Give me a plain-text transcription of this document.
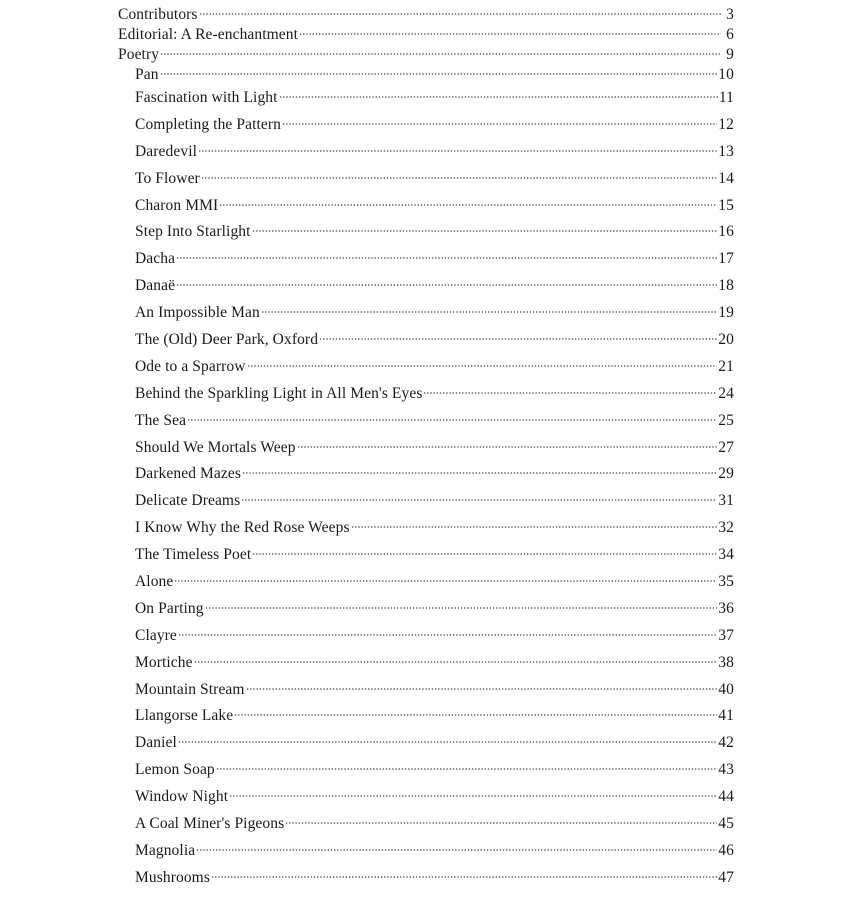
Contributors	3
Editorial: A Re-enchantment	6
Poetry	9
Pan	10
Fascination with Light	11
Completing the Pattern	12
Daredevil	13
To Flower	14
Charon MMI	15
Step Into Starlight	16
Dacha	17
Danaë	18
An Impossible Man	19
The (Old) Deer Park, Oxford	20
Ode to a Sparrow	21
Behind the Sparkling Light in All Men's Eyes	24
The Sea	25
Should We Mortals Weep	27
Darkened Mazes	29
Delicate Dreams	31
I Know Why the Red Rose Weeps	32
The Timeless Poet	34
Alone	35
On Parting	36
Clayre	37
Mortiche	38
Mountain Stream	40
Llangorse Lake	41
Daniel	42
Lemon Soap	43
Window Night	44
A Coal Miner's Pigeons	45
Magnolia	46
Mushrooms	47
